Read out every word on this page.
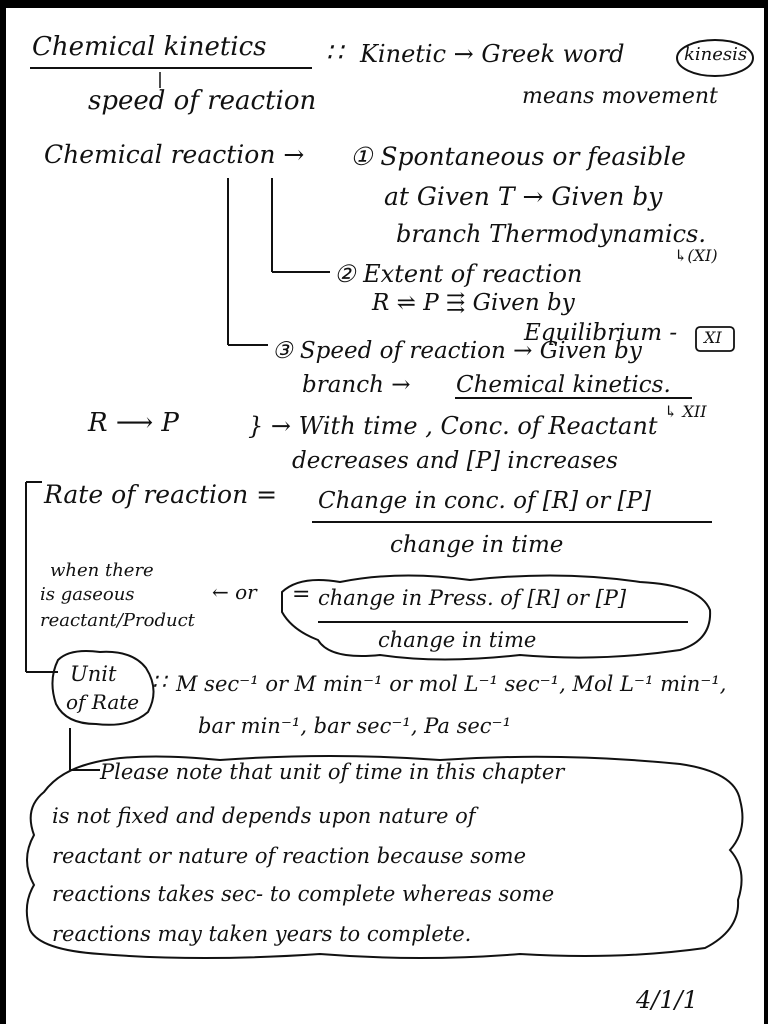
Chemical kinetics ∷ Kinetic → Greek word	kinesis
speed of reaction	means movement
Chemical reaction → ① Spontaneous or feasible
at Given T → Given by
branch Thermodynamics.
↳(XI)
② Extent of reaction
R ⇌ P ⇶ Given by
Equilibrium - XI
③ Speed of reaction → Given by
branch → Chemical kinetics.
↳ XII
R ⟶ P	} → With time , Conc. of Reactant
decreases and [P] increases
Rate of reaction = Change in conc. of [R] or [P]
change in time
when there
is gaseous
reactant/Product
← or = change in Press. of [R] or [P]
change in time
Unit
of Rate
∷ M sec⁻¹ or M min⁻¹ or mol L⁻¹ sec⁻¹, Mol L⁻¹ min⁻¹,
bar min⁻¹, bar sec⁻¹, Pa sec⁻¹
Please note that unit of time in this chapter
is not fixed and depends upon nature of
reactant or nature of reaction because some
reactions takes sec- to complete whereas some
reactions may taken years to complete.
4/1/1
